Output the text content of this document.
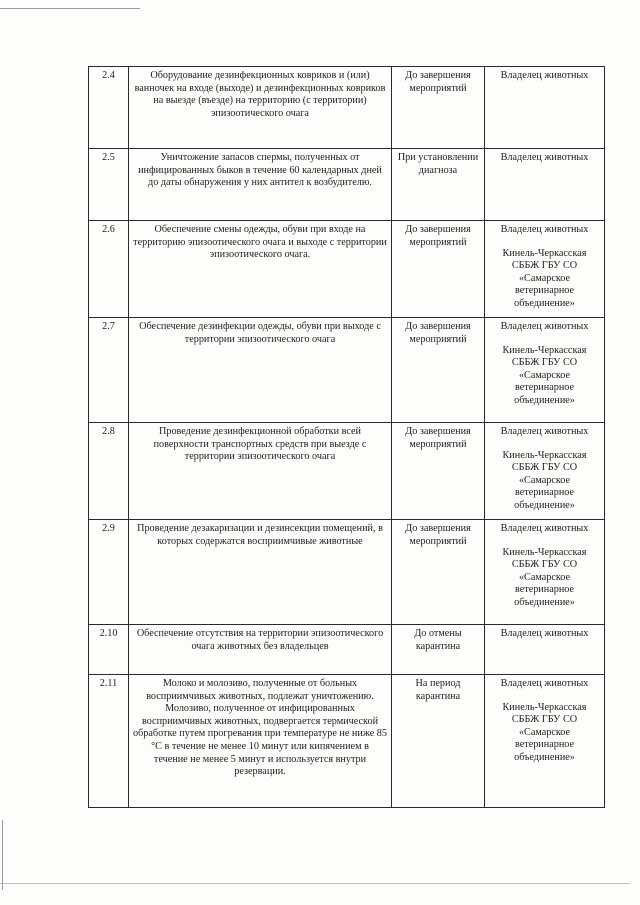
2.4	Оборудование дезинфекционных ковриков и (или) ванночек на входе (выходе) и дезинфекционных ковриков на выезде (въезде) на территорию (с территории) эпизоотического очага	До завершения мероприятий	Владелец животных

2.5	Уничтожение запасов спермы, полученных от инфицированных быков в течение 60 календарных дней до даты обнаружения у них антител к возбудителю.	При установлении диагноза	Владелец животных

2.6	Обеспечение смены одежды, обуви при входе на территорию эпизоотического очага и выходе с территории эпизоотического очага.	До завершения мероприятий	Владелец животных
Кинель-Черкасская СББЖ ГБУ СО «Самарское ветеринарное объединение»

2.7	Обеспечение дезинфекции одежды, обуви при выходе с территории эпизоотического очага	До завершения мероприятий	Владелец животных
Кинель-Черкасская СББЖ ГБУ СО «Самарское ветеринарное объединение»

2.8	Проведение дезинфекционной обработки всей поверхности транспортных средств при выезде с территории эпизоотического очага	До завершения мероприятий	Владелец животных
Кинель-Черкасская СББЖ ГБУ СО «Самарское ветеринарное объединение»

2.9	Проведение дезакаризации и дезинсекции помещений, в которых содержатся восприимчивые животные	До завершения мероприятий	Владелец животных
Кинель-Черкасская СББЖ ГБУ СО «Самарское ветеринарное объединение»

2.10	Обеспечение отсутствия на территории эпизоотического очага животных без владельцев	До отмены карантина	Владелец животных

2.11	Молоко и молозиво, полученные от больных восприимчивых животных, подлежат уничтожению. Молозиво, полученное от инфицированных восприимчивых животных, подвергается термической обработке путем прогревания при температуре не ниже 85 °С в течение не менее 10 минут или кипячением в течение не менее 5 минут и используется внутри резервации.	На период карантина	Владелец животных
Кинель-Черкасская СББЖ ГБУ СО «Самарское ветеринарное объединение»
